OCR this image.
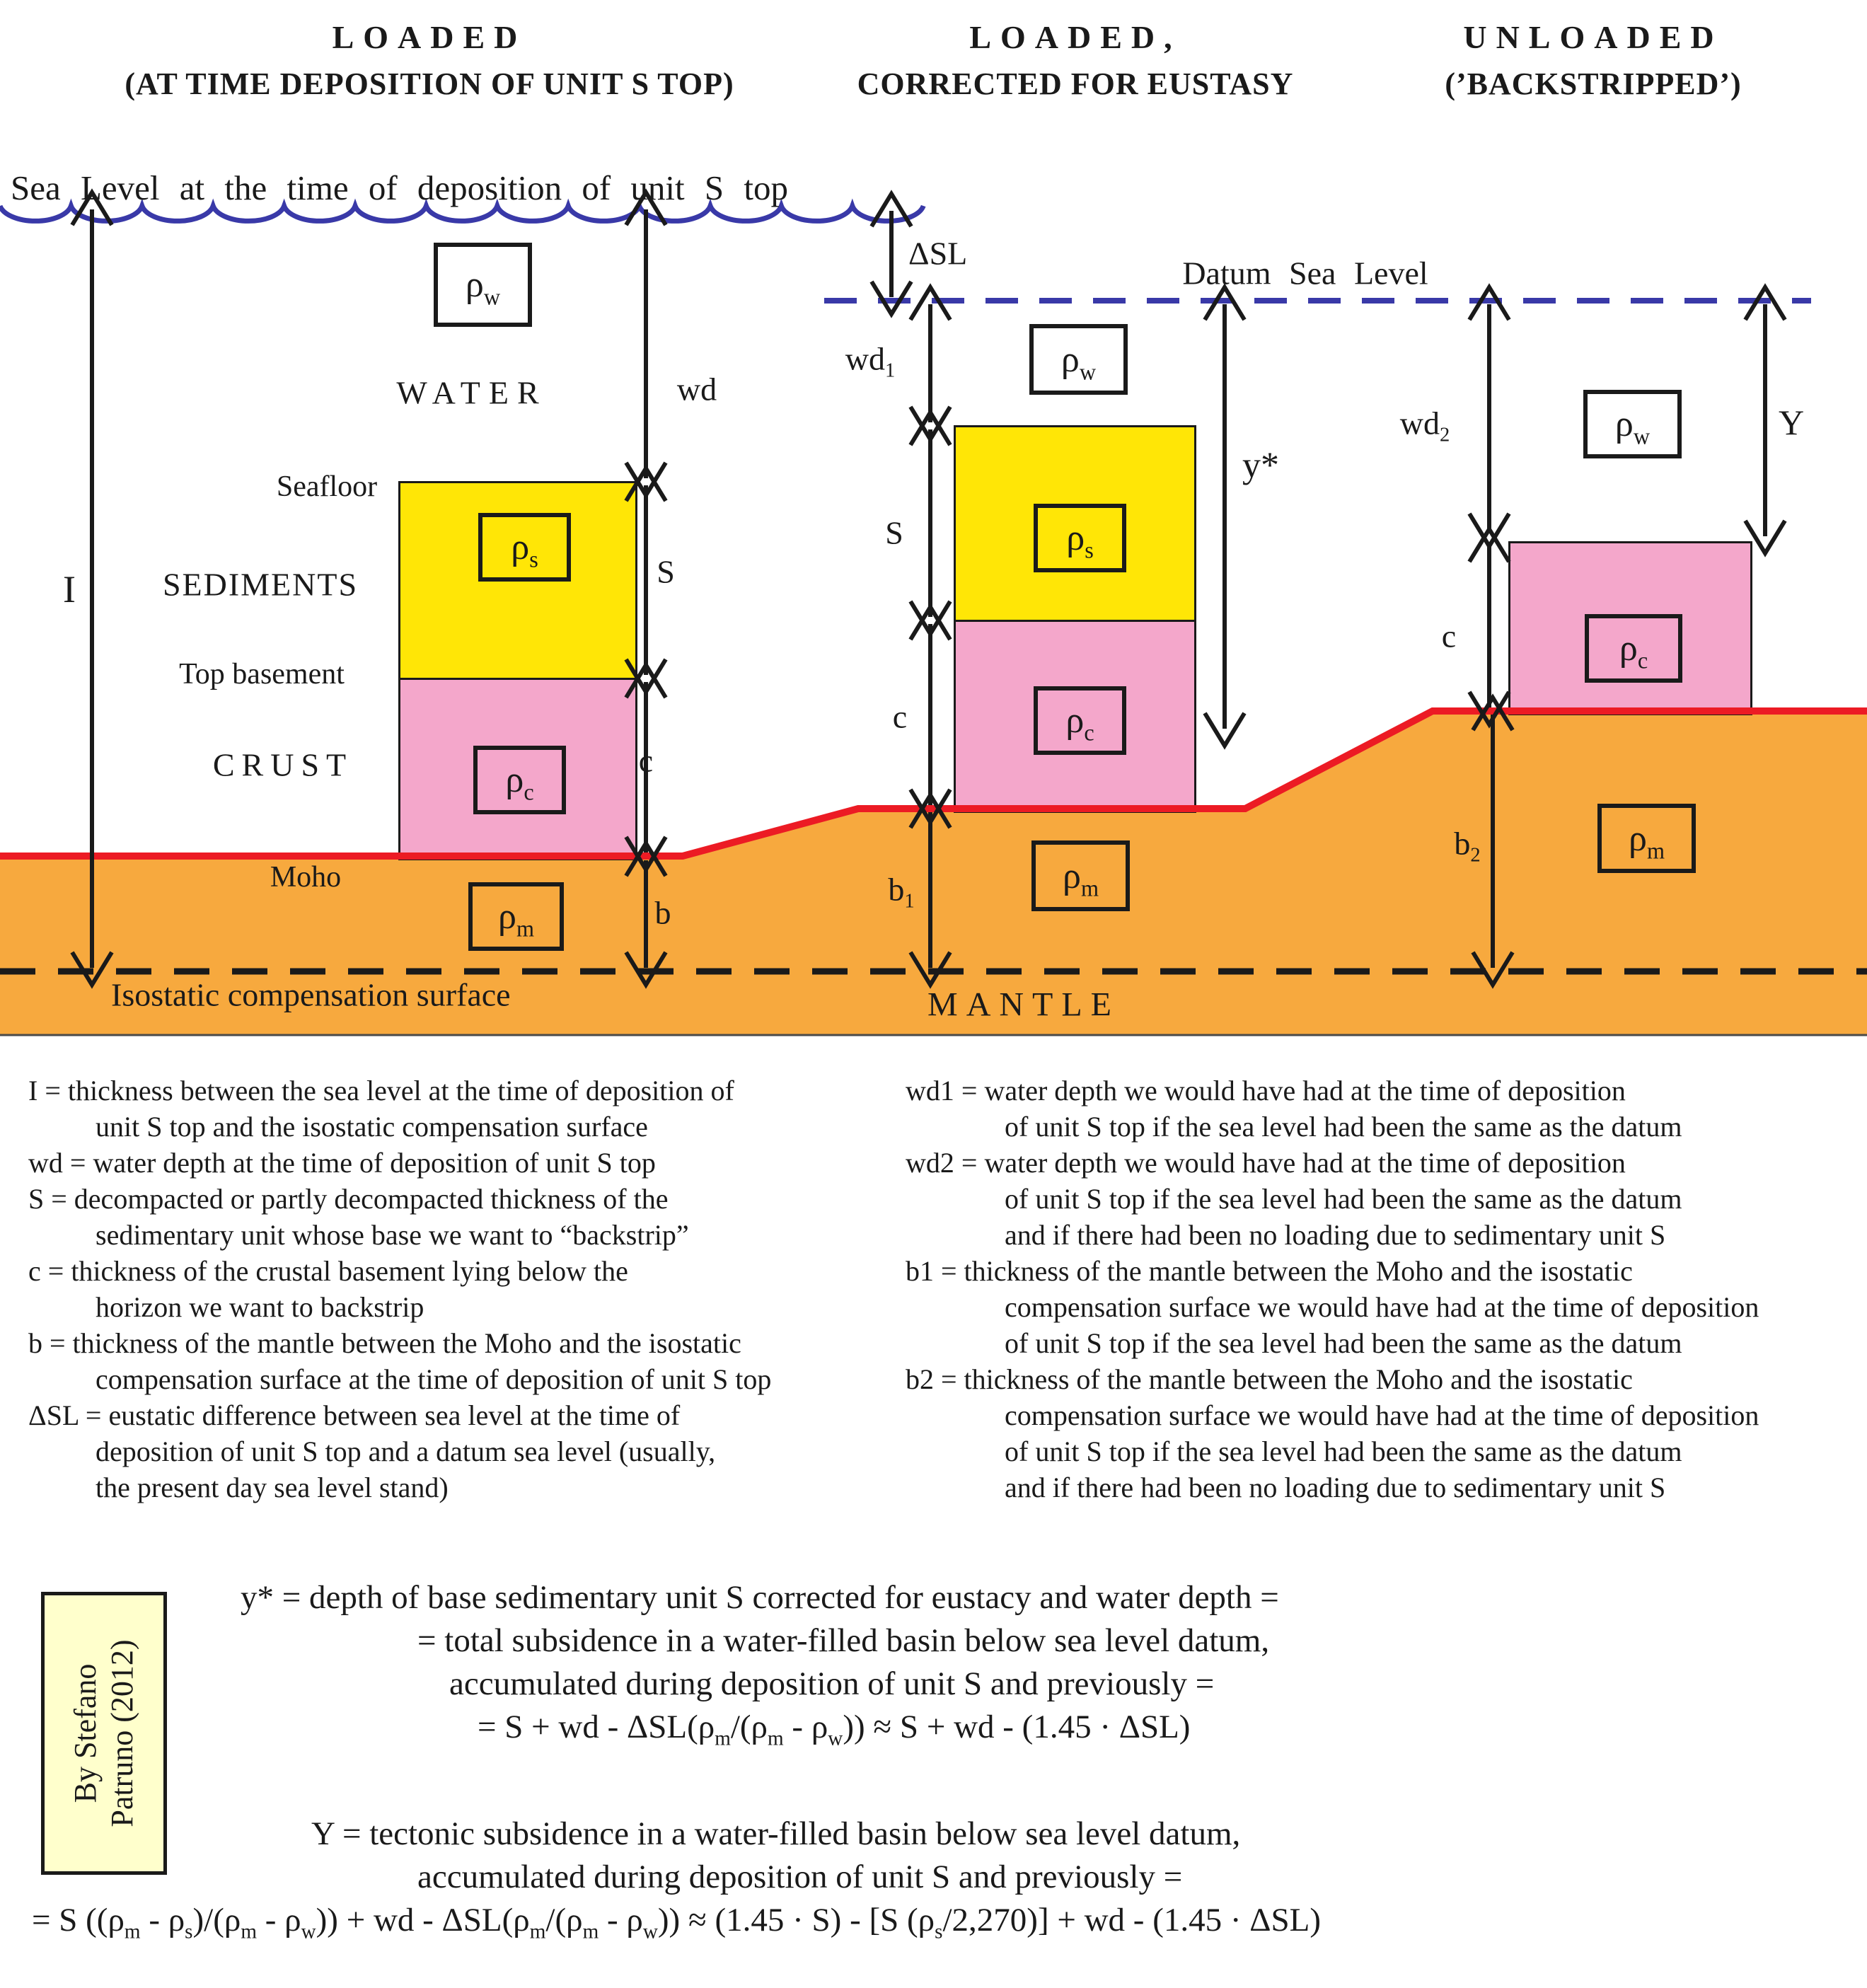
$\rho_w$
$\rho_s$
$\rho_c$
$\rho_m$
$\rho_w$
$\rho_s$
$\rho_c$
$\rho_m$
$\rho_w$
$\rho_c$
$\rho_m$
LOADED
(AT TIME DEPOSITION OF UNIT S TOP)
LOADED,
CORRECTED FOR EUSTASY
UNLOADED
(’BACKSTRIPPED’)
Sea Level at the time of deposition of unit S top
Datum Sea Level
WATER
SEDIMENTS
CRUST
MANTLE
Seafloor
Top basement
Moho
Isostatic compensation surface
I
wd
S
c
b
ΔSL
$wd_1$
S
c
$b_1$
y*
$wd_2$
c
$b_2$
Y
I = thickness between the sea level at the time of deposition of
unit S top and the isostatic compensation surface
wd = water depth at the time of deposition of unit S top
S = decompacted or partly decompacted thickness of the
sedimentary unit whose base we want to “backstrip”
c = thickness of the crustal basement lying below the
horizon we want to backstrip
b = thickness of the mantle between the Moho and the isostatic
compensation surface at the time of deposition of unit S top
ΔSL = eustatic difference between sea level at the time of
deposition of unit S top and a datum sea level (usually,
the present day sea level stand)
wd1 = water depth we would have had at the time of deposition
of unit S top if the sea level had been the same as the datum
wd2 = water depth we would have had at the time of deposition
of unit S top if the sea level had been the same as the datum
and if there had been no loading due to sedimentary unit S
b1 = thickness of the mantle between the Moho and the isostatic
compensation surface we would have had at the time of deposition
of unit S top if the sea level had been the same as the datum
b2 = thickness of the mantle between the Moho and the isostatic
compensation surface we would have had at the time of deposition
of unit S top if the sea level had been the same as the datum
and if there had been no loading due to sedimentary unit S
y* = depth of base sedimentary unit S corrected for eustacy and water depth =
= total subsidence in a water-filled basin below sea level datum,
accumulated during deposition of unit S and previously =
= S + wd - $\Delta SL(\rho_m/(\rho_m - \rho_w)) \approx S$ + wd - (1.45 · ΔSL)
Y = tectonic subsidence in a water-filled basin below sea level datum,
accumulated during deposition of unit S and previously =
= S $((\rho_m - \rho_s)/(\rho_m - \rho_w))$ + wd - $\Delta SL(\rho_m/(\rho_m - \rho_w)) \approx (1.45 \cdot S) - [S$ $(\rho_s/2,270)$] + wd - (1.45 · ΔSL)
By Stefano Patruno (2012)
